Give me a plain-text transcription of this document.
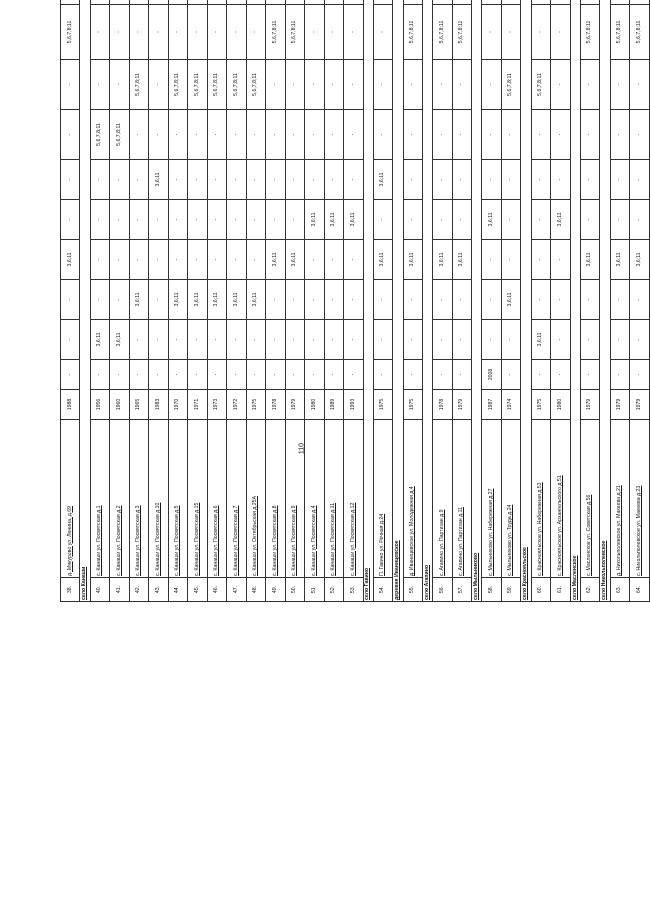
110
38.	д. Мякурово ул. Ленина, д.69	1988	-	-	-	3,6;11	-	-	-	-	5,6,7,8;11				
село Канаши															
40.	с. Канаши ул. Посвятская д.1	1956	-	3,6;11	-	-	-	-	5,6,7,8;11	-	-				
41.	с. Канаши ул. Посвятская д.2	1960	-	3,6;11	-	-	-	-	5,6,7,8;11	-	-				
42.	с. Канаши ул. Посвятская д.3	1965	-	-	3,6;11	-	-	-	-	5,6,7,8;11	-				
43.	с. Канаши ул. Посвятская д.10	1983	-	-	-	-	-	3,6;11	-	-	-				
44.	с. Канаши ул. Посвятская д.5	1970	-	-	3,6;11	-	-	-	-	5,6,7,8;11	-				
45.	с. Канаши ул. Посвятская д.15	1971	-	-	3,6;11	-	-	-	-	5,6,7,8;11	-				
46.	с. Канаши ул. Посвятская д.6	1973	-	-	3,6;11	-	-	-	-	5,6,7,8;11	-				
47.	с. Канаши ул. Посвятская д.7	1972	-	-	3,6;11	-	-	-	-	5,6,7,8;11	-				
48.	с. Канаши ул. Октябрьская д.25А	1975	-	-	3,6;11	-	-	-	-	5,6,7,8;11	-				
49.	с. Канаши ул. Посвятская д.8	1978	-	-	-	3,6;11	-	-	-	-	5,6,7,8;11				
50.	с. Канаши ул. Посвятская д.9	1979	-	-	-	3,6;11	-	-	-	-	5,6,7,8;11				
51.	с. Канаши ул. Посвятская д.4	1980	-	-	-	-	3,6;11	-	-	-	-				
52.	с. Канаши ул. Посвятская д.11	1989	-	-	-	-	3,6;11	-	-	-	-				
53.	с. Канаши ул. Посвятская д.12	1993	-	-	-	-	3,6;11	-	-	-	-				
село Гавино															
54.	П. Гавино ул. Речная д.24	1975	-	-	-	3,6;11	-	3,6;11	-	-	-				
деревня Иваницевское															
55.	д. Иваницевское ул. Молодежная д.4	1975	-	-	-	3,6;11	-	-	-	-	5,6,7,8;11				
село Агапино															
56.	с. Агапино ул. Партизан д.9	1978	-	-	-	3,6;11	-	-	-	-	5,6,7,8;11				
57.	с. Агапино ул. Партизан д.11	1979	-	-	-	3,6;11	-	-	-	-	5,6,7,8;11				
село Мыльниково															
58.	с. Мыльниково ул. Набережная д.27	1987	2008	-	-	-	3,6;11	-	-	-	-			
59.	с. Мыльниково ул. Труда д.24	1974	-	-	3,6;11	-	-	-	-	5,6,7,8;11	-				
село Краснояльское															
60.	с. Краснояльское ул. Набережная д.53	1975	-	3,6;11	-	-	-	-	-	5,6,7,8;11	-				
61.	с. Краснояльское ул. Архангельского д.51	1980	-	-	-	-	3,6;11	-	-	-	-				
село Масленское															
62.	с. Масленское ул. Советская д.56	1979	-	-	-	3,6;11	-	-	-	-	5,6,7,8;11				
село Никольполевское															
63.	д. Никольполевское ул. Макеева д.21	1979	-	-	-	3,6;11	-	-	-	-	5,6,7,8;11				
64.	с. Никольполевское ул. Макеева д.23	1979	-	-	-	3,6;11	-	-	-	-	5,6,7,8;11				
